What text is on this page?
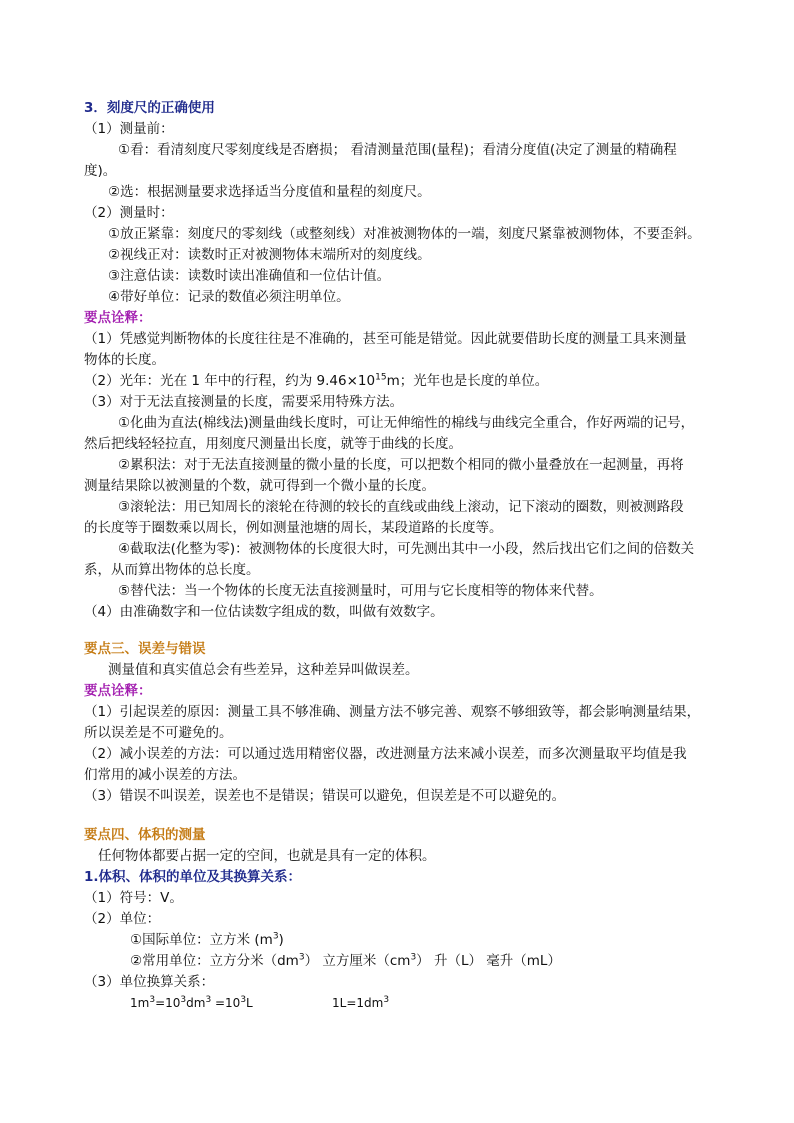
3．刻度尺的正确使用
（1）测量前：
①看：看清刻度尺零刻度线是否磨损； 看清测量范围(量程)；看清分度值(决定了测量的精确程
度)。
②选：根据测量要求选择适当分度值和量程的刻度尺。
（2）测量时：
①放正紧靠：刻度尺的零刻线（或整刻线）对准被测物体的一端，刻度尺紧靠被测物体，不要歪斜。
②视线正对：读数时正对被测物体末端所对的刻度线。
③注意估读：读数时读出准确值和一位估计值。
④带好单位：记录的数值必须注明单位。
要点诠释：
（1）凭感觉判断物体的长度往往是不准确的，甚至可能是错觉。因此就要借助长度的测量工具来测量
物体的长度。
（2）光年：光在 1 年中的行程，约为 $9.46\times 10^{15}m$；光年也是长度的单位。
（3）对于无法直接测量的长度，需要采用特殊方法。
①化曲为直法(棉线法)测量曲线长度时，可让无伸缩性的棉线与曲线完全重合，作好两端的记号，
然后把线轻轻拉直，用刻度尺测量出长度，就等于曲线的长度。
②累积法：对于无法直接测量的微小量的长度，可以把数个相同的微小量叠放在一起测量，再将
测量结果除以被测量的个数，就可得到一个微小量的长度。
③滚轮法：用已知周长的滚轮在待测的较长的直线或曲线上滚动，记下滚动的圈数，则被测路段
的长度等于圈数乘以周长，例如测量池塘的周长，某段道路的长度等。
④截取法(化整为零)：被测物体的长度很大时，可先测出其中一小段，然后找出它们之间的倍数关
系，从而算出物体的总长度。
⑤替代法：当一个物体的长度无法直接测量时，可用与它长度相等的物体来代替。
（4）由准确数字和一位估读数字组成的数，叫做有效数字。
要点三、误差与错误
测量值和真实值总会有些差异，这种差异叫做误差。
要点诠释：
（1）引起误差的原因：测量工具不够准确、测量方法不够完善、观察不够细致等，都会影响测量结果，
所以误差是不可避免的。
（2）减小误差的方法：可以通过选用精密仪器，改进测量方法来减小误差，而多次测量取平均值是我
们常用的减小误差的方法。
（3）错误不叫误差，误差也不是错误；错误可以避免，但误差是不可以避免的。
要点四、体积的测量
任何物体都要占据一定的空间，也就是具有一定的体积。
1.体积、体积的单位及其换算关系：
（1）符号：V。
（2）单位：
①国际单位：立方米 $(m^3)$
②常用单位：立方分米$(dm^3)$ 立方厘米$(cm^3)$ 升（L） 毫升（mL）
（3）单位换算关系：
$1m^3=10^3dm^3 =10^3L$	$1L=1dm^3$
